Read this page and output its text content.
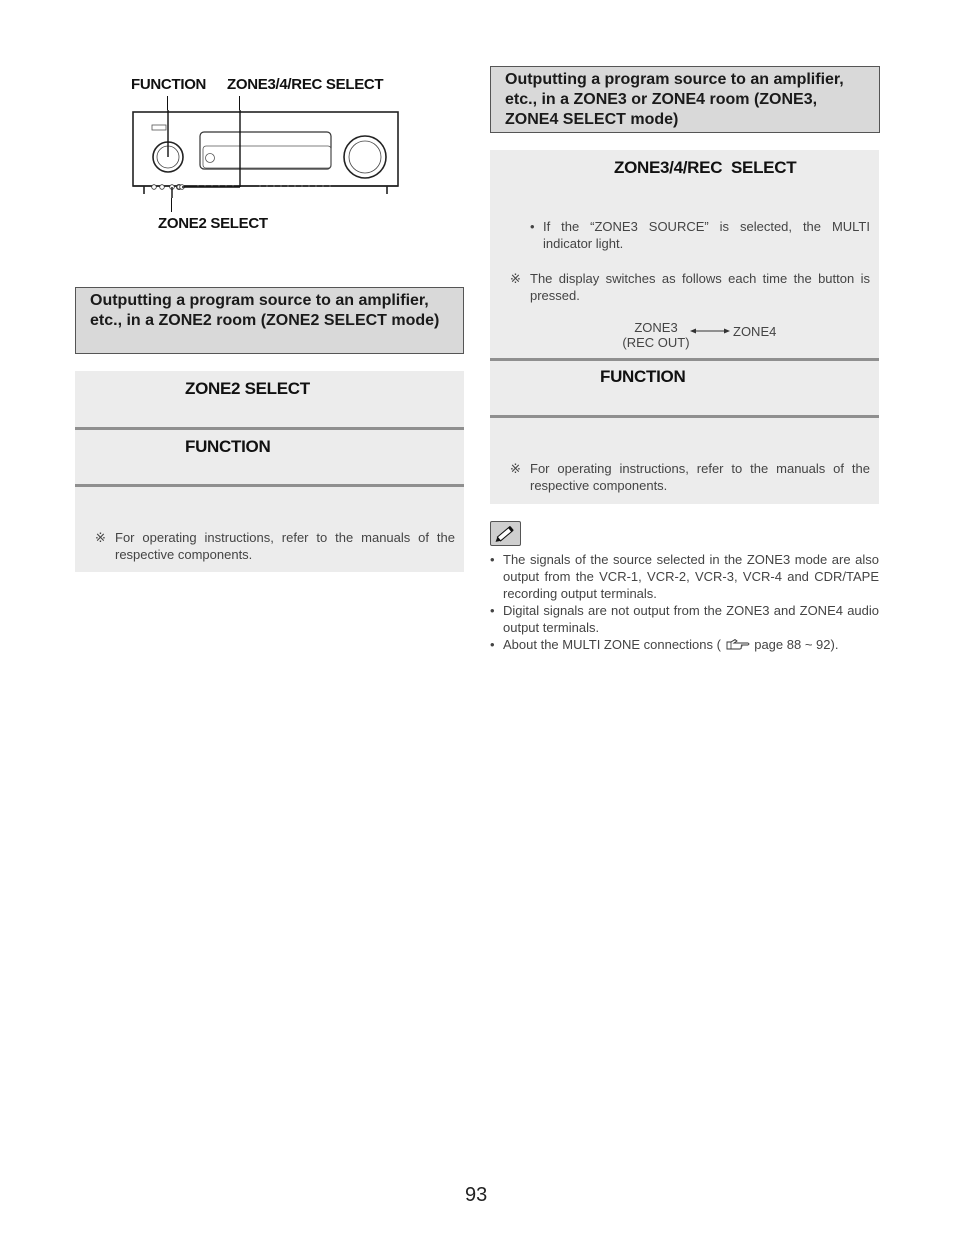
FUNCTION ZONE3/4/REC SELECT
ZONE2 SELECT
Outputting a program source to an amplifier, etc., in a ZONE2 room (ZONE2 SELECT mode)
ZONE2 SELECT
FUNCTION
※ For operating instructions, refer to the manuals of the respective components.
Outputting a program source to an amplifier, etc., in a ZONE3 or ZONE4 room (ZONE3, ZONE4 SELECT mode)
ZONE3/4/REC  SELECT
• If the “ZONE3 SOURCE” is selected, the MULTI indicator light.
※ The display switches as follows each time the button is pressed.
ZONE3
(REC OUT)
ZONE4
FUNCTION
※ For operating instructions, refer to the manuals of the respective components.
• The signals of the source selected in the ZONE3 mode are also output from the VCR-1, VCR-2, VCR-3, VCR-4 and CDR/TAPE recording output terminals.
• Digital signals are not output from the ZONE3 and ZONE4 audio output terminals.
• About the MULTI ZONE connections (	page 88 ~ 92).
93
